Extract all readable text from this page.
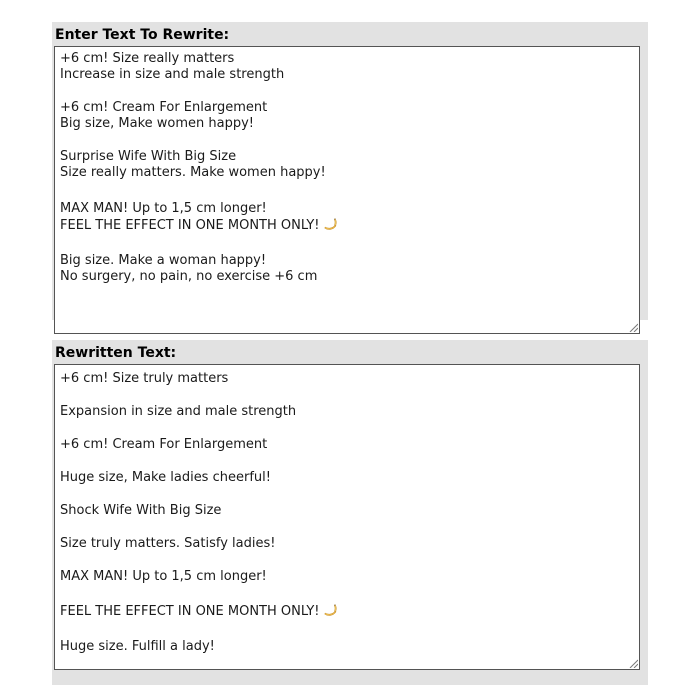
Enter Text To Rewrite:
+6 cm! Size really matters
Increase in size and male strength
+6 cm! Cream For Enlargement
Big size, Make women happy!
Surprise Wife With Big Size
Size really matters. Make women happy!
MAX MAN! Up to 1,5 cm longer!
FEEL THE EFFECT IN ONE MONTH ONLY!
Big size. Make a woman happy!
No surgery, no pain, no exercise +6 cm
Rewritten Text:
+6 cm! Size truly matters
Expansion in size and male strength
+6 cm! Cream For Enlargement
Huge size, Make ladies cheerful!
Shock Wife With Big Size
Size truly matters. Satisfy ladies!
MAX MAN! Up to 1,5 cm longer!
FEEL THE EFFECT IN ONE MONTH ONLY!
Huge size. Fulfill a lady!
